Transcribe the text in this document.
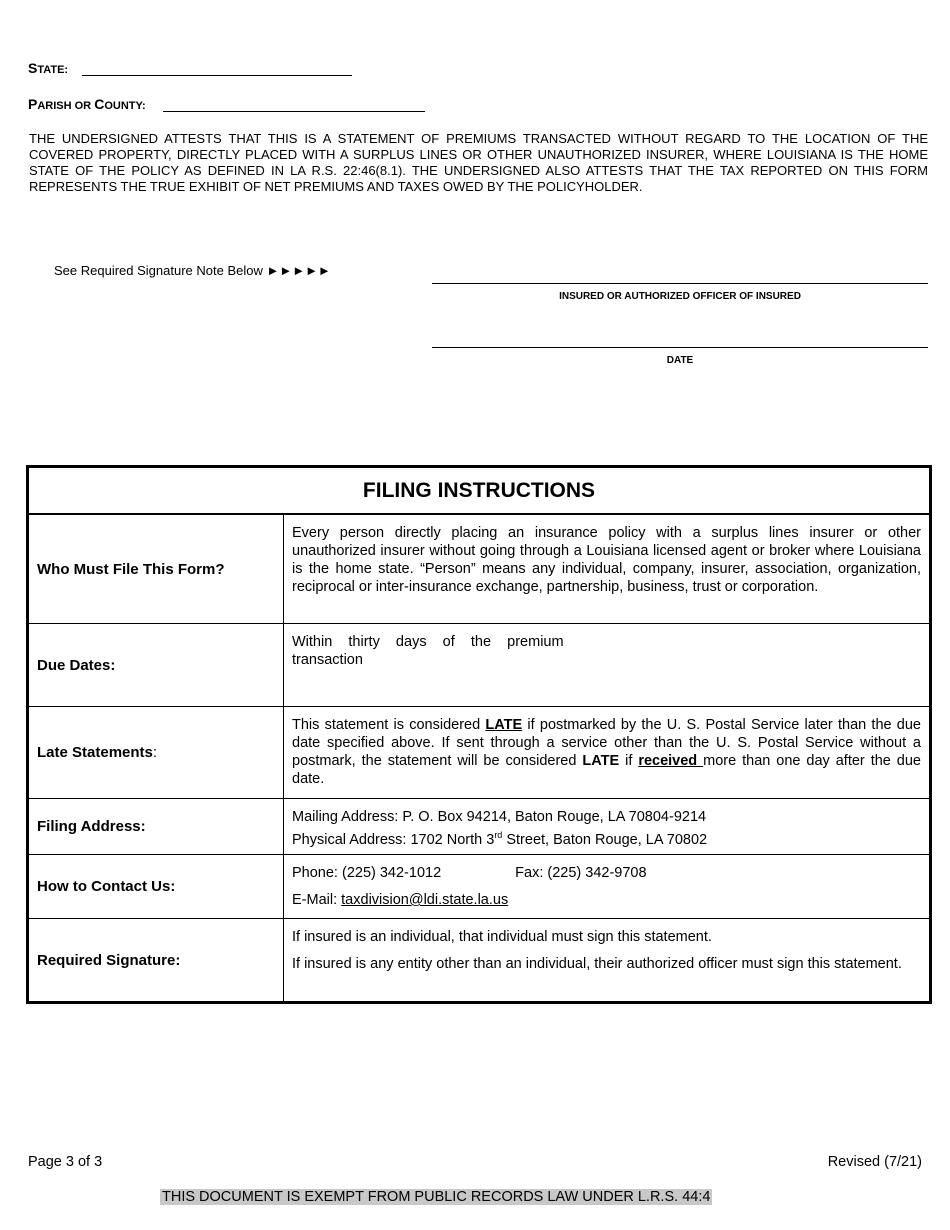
STATE:
PARISH OR COUNTY:
THE UNDERSIGNED ATTESTS THAT THIS IS A STATEMENT OF PREMIUMS TRANSACTED WITHOUT REGARD TO THE LOCATION OF THE COVERED PROPERTY, DIRECTLY PLACED WITH A SURPLUS LINES OR OTHER UNAUTHORIZED INSURER, WHERE LOUISIANA IS THE HOME STATE OF THE POLICY AS DEFINED IN LA R.S. 22:46(8.1). THE UNDERSIGNED ALSO ATTESTS THAT THE TAX REPORTED ON THIS FORM REPRESENTS THE TRUE EXHIBIT OF NET PREMIUMS AND TAXES OWED BY THE POLICYHOLDER.
See Required Signature Note Below ►►►►►
INSURED OR AUTHORIZED OFFICER OF INSURED
DATE
FILING INSTRUCTIONS
Who Must File This Form?

Every person directly placing an insurance policy with a surplus lines insurer or other unauthorized insurer without going through a Louisiana licensed agent or broker where Louisiana is the home state. “Person” means any individual, company, insurer, association, organization, reciprocal or inter-insurance exchange, partnership, business, trust or corporation.

Due Dates:

Within    thirty    days    of    the    premium

transaction

Late Statements :

This statement is considered LATE if postmarked by the U. S. Postal Service later than the due date specified above. If sent through a service other than the U. S. Postal Service without a postmark, the statement will be considered LATE if received more than one day after the due date.

Filing Address:

Mailing Address: P. O. Box 94214, Baton Rouge, LA 70804-9214

Physical Address: 1702 North 3rd Street, Baton Rouge, LA 70802

How to Contact Us:

Phone: (225) 342-1012	Fax: (225) 342-9708

E-Mail: taxdivision@ldi.state.la.us

Required Signature:

If insured is an individual, that individual must sign this statement.

If insured is any entity other than an individual, their authorized officer must sign this statement.

Page 3 of 3	Revised (7/21)
THIS DOCUMENT IS EXEMPT FROM PUBLIC RECORDS LAW UNDER L.R.S. 44:4
